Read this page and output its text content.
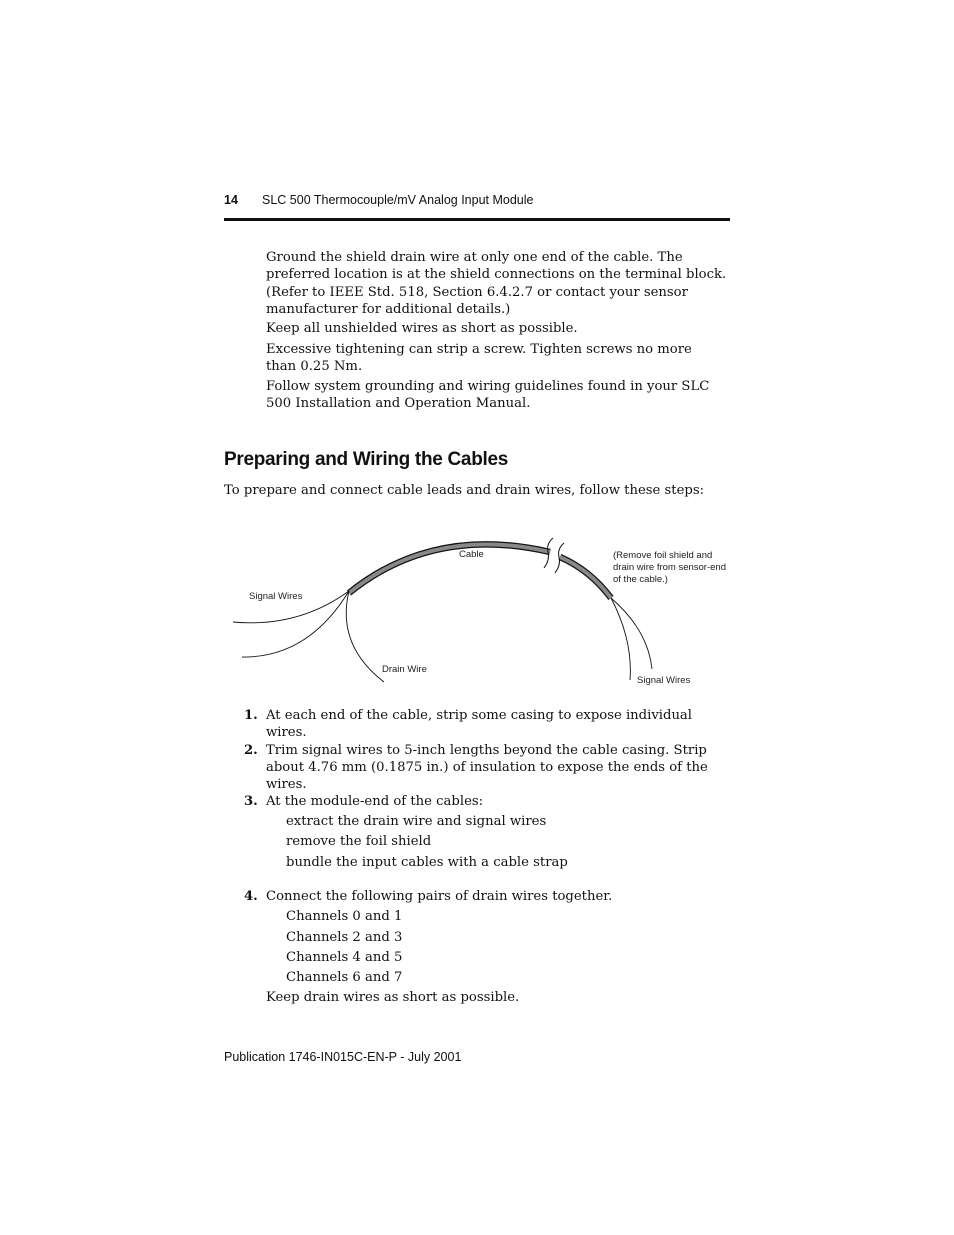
14 SLC 500 Thermocouple/mV Analog Input Module
Ground the shield drain wire at only one end of the cable. The preferred location is at the shield connections on the terminal block. (Refer to IEEE Std. 518, Section 6.4.2.7 or contact your sensor manufacturer for additional details.)
Keep all unshielded wires as short as possible.
Excessive tightening can strip a screw. Tighten screws no more than 0.25 Nm.
Follow system grounding and wiring guidelines found in your SLC 500 Installation and Operation Manual.
Preparing and Wiring the Cables
To prepare and connect cable leads and drain wires, follow these steps:
Cable
Signal Wires
Drain Wire
Signal Wires
(Remove foil shield and
drain wire from sensor-end
of the cable.)
1. At each end of the cable, strip some casing to expose individual wires.
2. Trim signal wires to 5-inch lengths beyond the cable casing. Strip about 4.76 mm (0.1875 in.) of insulation to expose the ends of the wires.
3. At the module-end of the cables:
extract the drain wire and signal wires
remove the foil shield
bundle the input cables with a cable strap
4. Connect the following pairs of drain wires together.
Channels 0 and 1
Channels 2 and 3
Channels 4 and 5
Channels 6 and 7
Keep drain wires as short as possible.
Publication 1746-IN015C-EN-P - July 2001
